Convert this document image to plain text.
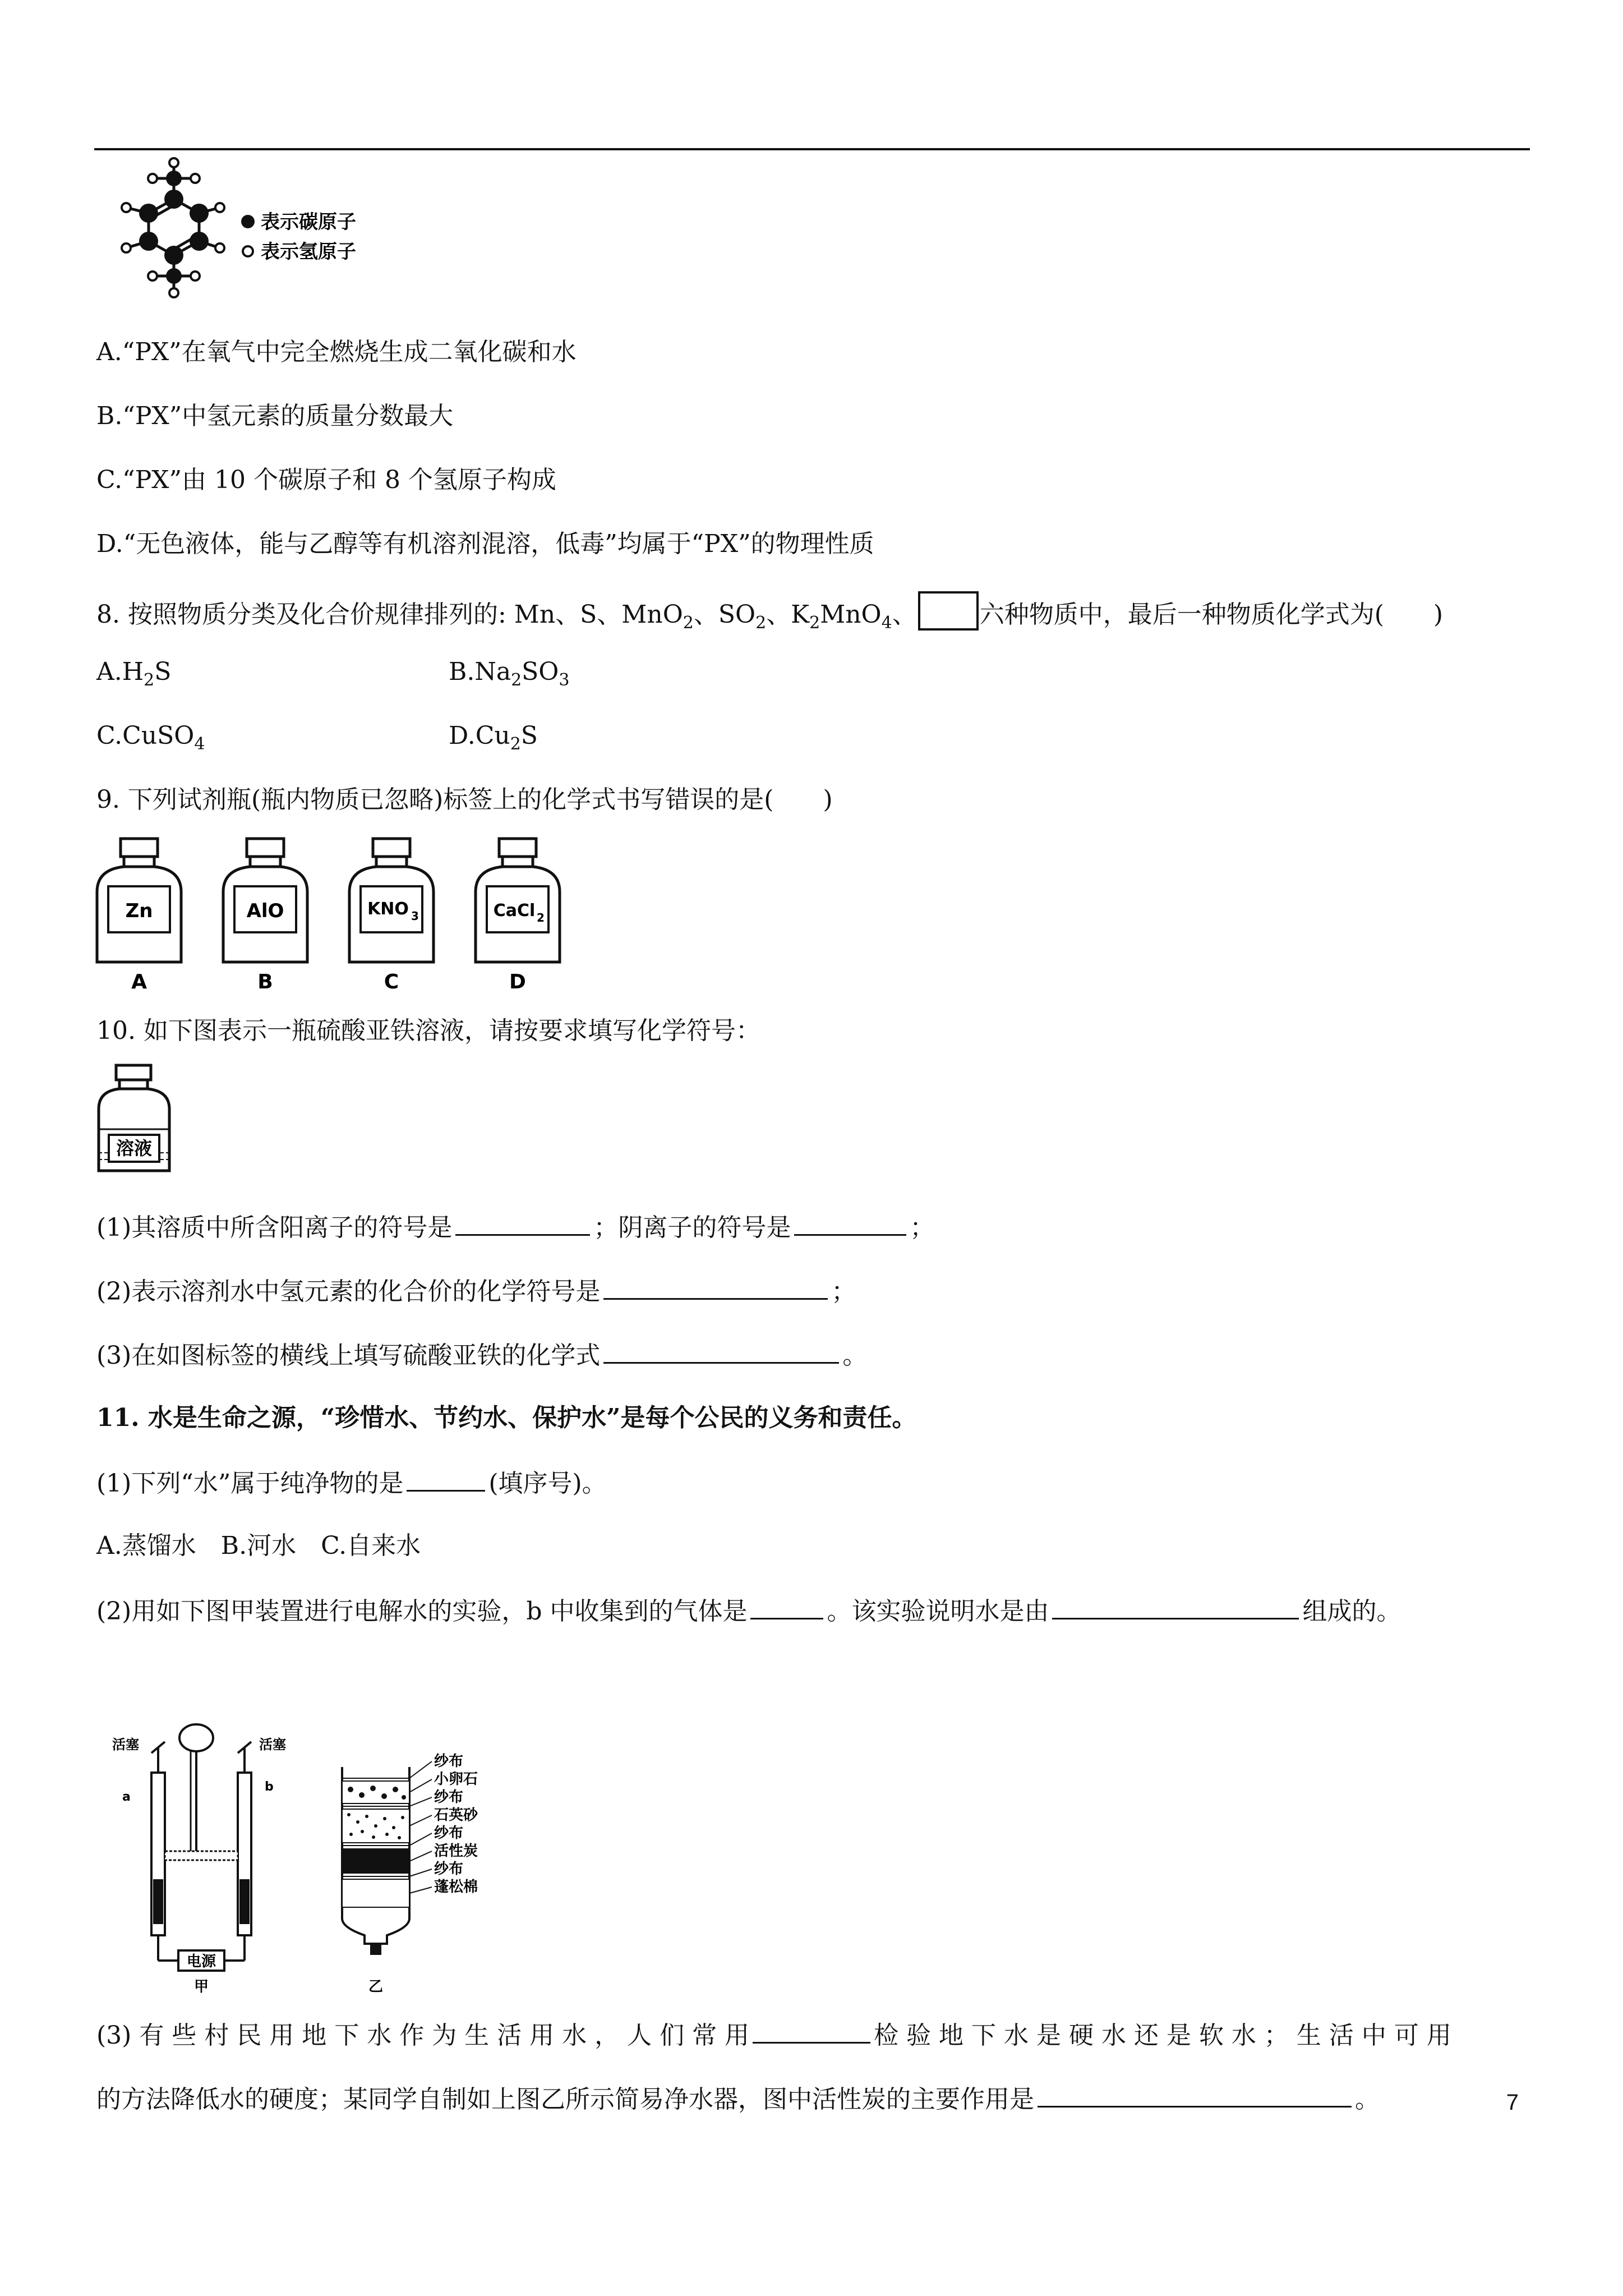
表示碳原子
表示氢原子
A.“PX”在氧气中完全燃烧生成二氧化碳和水
B.“PX”中氢元素的质量分数最大
C.“PX”由 10 个碳原子和 8 个氢原子构成
D.“无色液体，能与乙醇等有机溶剂混溶，低毒”均属于“PX”的物理性质
8. 按照物质分类及化合价规律排列的: Mn、S、MnO$_2$、$SO_2$、$K_2MnO_4$、	六种物质中，最后一种物质化学式为(　　)
$A.H_2S$	$B.Na_2SO_3$
C.CuSO$_4$	$D.Cu_2S$
9. 下列试剂瓶(瓶内物质已忽略)标签上的化学式书写错误的是(　　)
Zn
A
AlO
B
KNO 3
C
CaCl 2
D
10. 如下图表示一瓶硫酸亚铁溶液，请按要求填写化学符号：
溶液
(1)其溶质中所含阳离子的符号是	；阴离子的符号是	；
(2)表示溶剂水中氢元素的化合价的化学符号是	；
(3)在如图标签的横线上填写硫酸亚铁的化学式	。
11. 水是生命之源，“珍惜水、节约水、保护水”是每个公民的义务和责任。
(1)下列“水”属于纯净物的是	(填序号)。
A.蒸馏水　B.河水　C.自来水
(2)用如下图甲装置进行电解水的实验，b 中收集到的气体是	。该实验说明水是由	组成的。
电源
活塞	活塞
a
b
甲
纱布
小卵石
纱布
石英砂
纱布
活性炭
纱布
蓬松棉
乙
(3) 有 些 村 民 用 地 下 水 作 为 生 活 用 水 ， 人 们 常 用	检 验 地 下 水 是 硬 水 还 是 软 水 ； 生 活 中 可 用
的方法降低水的硬度；某同学自制如上图乙所示简易净水器，图中活性炭的主要作用是	。	7
